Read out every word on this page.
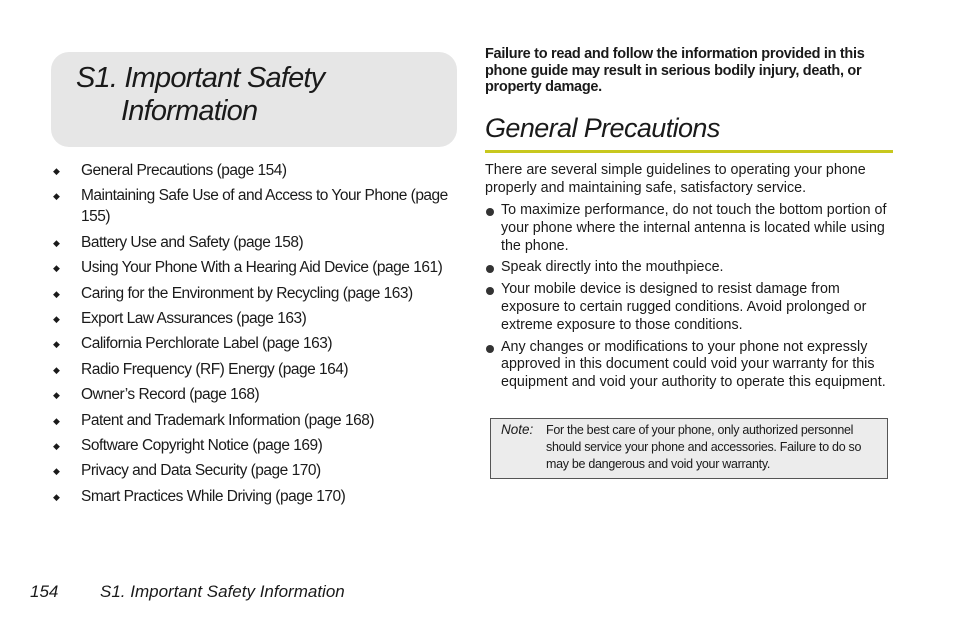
S1. Important Safety
Information
◆ General Precautions (page 154)
◆ Maintaining Safe Use of and Access to Your Phone (page 155)
◆ Battery Use and Safety (page 158)
◆ Using Your Phone With a Hearing Aid Device (page 161)
◆ Caring for the Environment by Recycling (page 163)
◆ Export Law Assurances (page 163)
◆ California Perchlorate Label (page 163)
◆ Radio Frequency (RF) Energy (page 164)
◆ Owner’s Record (page 168)
◆ Patent and Trademark Information (page 168)
◆ Software Copyright Notice (page 169)
◆ Privacy and Data Security (page 170)
◆ Smart Practices While Driving (page 170)
Failure to read and follow the information provided in this phone guide may result in serious bodily injury, death, or property damage.
General Precautions
There are several simple guidelines to operating your phone properly and maintaining safe, satisfactory service.
To maximize performance, do not touch the bottom portion of your phone where the internal antenna is located while using the phone.
Speak directly into the mouthpiece.
Your mobile device is designed to resist damage from exposure to certain rugged conditions. Avoid prolonged or extreme exposure to those conditions.
Any changes or modifications to your phone not expressly approved in this document could void your warranty for this equipment and void your authority to operate this equipment.
Note: For the best care of your phone, only authorized personnel should service your phone and accessories. Failure to do so may be dangerous and void your warranty.
154 S1. Important Safety Information
